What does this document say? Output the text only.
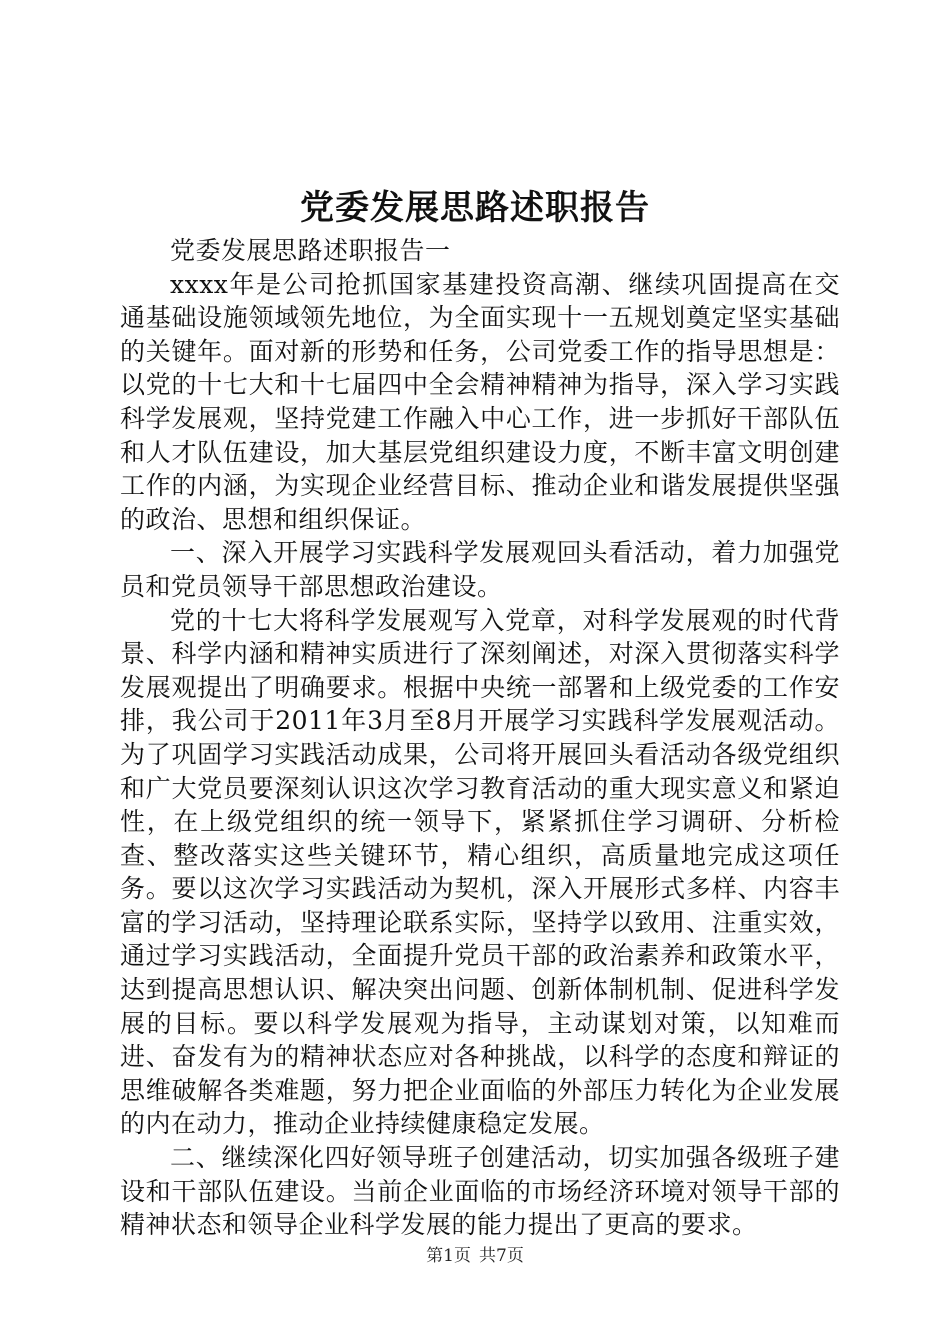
党委发展思路述职报告

党委发展思路述职报告一

xxxx年是公司抢抓国家基建投资高潮、继续巩固提高在交通基础设施领域领先地位，为全面实现十一五规划奠定坚实基础的关键年。面对新的形势和任务，公司党委工作的指导思想是：以党的十七大和十七届四中全会精神精神为指导，深入学习实践科学发展观，坚持党建工作融入中心工作，进一步抓好干部队伍和人才队伍建设，加大基层党组织建设力度，不断丰富文明创建工作的内涵，为实现企业经营目标、推动企业和谐发展提供坚强的政治、思想和组织保证。

一、深入开展学习实践科学发展观回头看活动，着力加强党员和党员领导干部思想政治建设。

党的十七大将科学发展观写入党章，对科学发展观的时代背景、科学内涵和精神实质进行了深刻阐述，对深入贯彻落实科学发展观提出了明确要求。根据中央统一部署和上级党委的工作安排，我公司于2011年3月至8月开展学习实践科学发展观活动。为了巩固学习实践活动成果，公司将开展回头看活动各级党组织和广大党员要深刻认识这次学习教育活动的重大现实意义和紧迫性，在上级党组织的统一领导下，紧紧抓住学习调研、分析检查、整改落实这些关键环节，精心组织，高质量地完成这项任务。要以这次学习实践活动为契机，深入开展形式多样、内容丰富的学习活动，坚持理论联系实际，坚持学以致用、注重实效，通过学习实践活动，全面提升党员干部的政治素养和政策水平，达到提高思想认识、解决突出问题、创新体制机制、促进科学发展的目标。要以科学发展观为指导，主动谋划对策，以知难而进、奋发有为的精神状态应对各种挑战，以科学的态度和辩证的思维破解各类难题，努力把企业面临的外部压力转化为企业发展的内在动力，推动企业持续健康稳定发展。

二、继续深化四好领导班子创建活动，切实加强各级班子建设和干部队伍建设。当前企业面临的市场经济环境对领导干部的精神状态和领导企业科学发展的能力提出了更高的要求。

第1页 共7页
